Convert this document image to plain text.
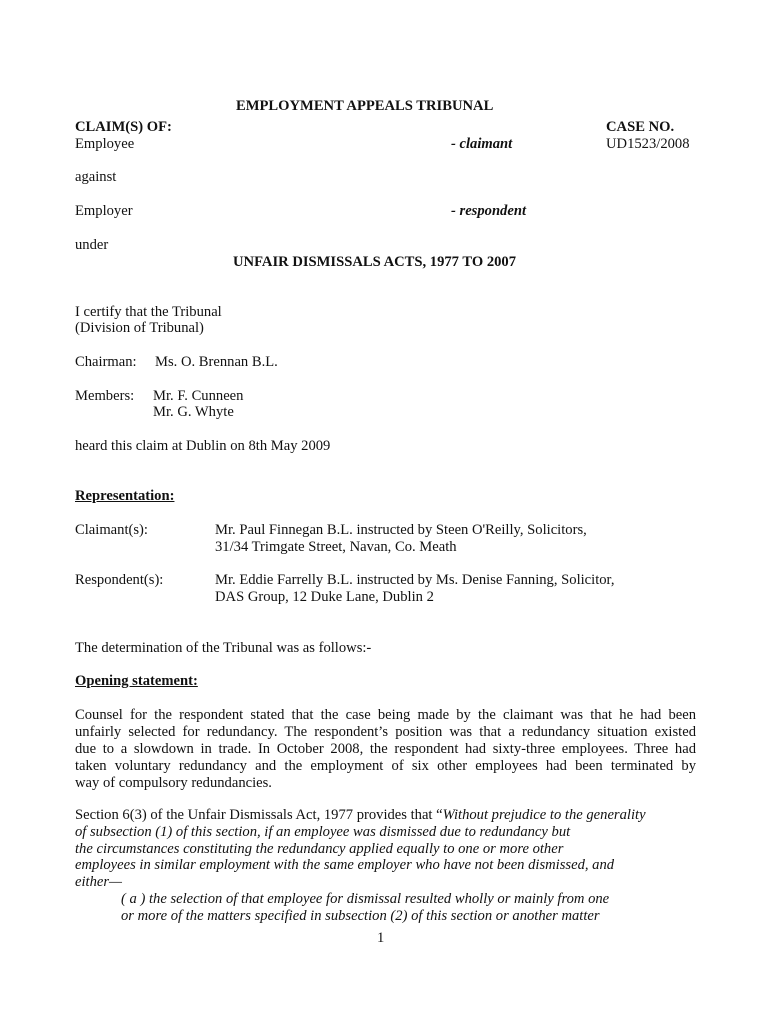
EMPLOYMENT APPEALS TRIBUNAL
CLAIM(S) OF:	CASE NO.
Employee	- claimant	UD1523/2008
against
Employer	- respondent
under
UNFAIR DISMISSALS ACTS, 1977 TO 2007
I certify that the Tribunal
(Division of Tribunal)
Chairman: Ms. O. Brennan B.L.
Members: Mr. F. Cunneen
Mr. G. Whyte
heard this claim at Dublin on 8th May 2009
Representation:
Claimant(s):	Mr. Paul Finnegan B.L. instructed by Steen O'Reilly, Solicitors,
31/34 Trimgate Street, Navan, Co. Meath
Respondent(s):	Mr. Eddie Farrelly B.L. instructed by Ms. Denise Fanning, Solicitor,
DAS Group, 12 Duke Lane, Dublin 2
The determination of the Tribunal was as follows:-
Opening statement:
Counsel for the respondent stated that the case being made by the claimant was that he had been
unfairly selected for redundancy. The respondent’s position was that a redundancy situation existed
due to a slowdown in trade. In October 2008, the respondent had sixty-three employees. Three had
taken voluntary redundancy and the employment of six other employees had been terminated by
way of compulsory redundancies.
Section 6(3) of the Unfair Dismissals Act, 1977 provides that “Without prejudice to the generality
of subsection (1) of this section, if an employee was dismissed due to redundancy but
the circumstances constituting the redundancy applied equally to one or more other
employees in similar employment with the same employer who have not been dismissed, and
either—
( a ) the selection of that employee for dismissal resulted wholly or mainly from one
or more of the matters specified in subsection (2) of this section or another matter
1
